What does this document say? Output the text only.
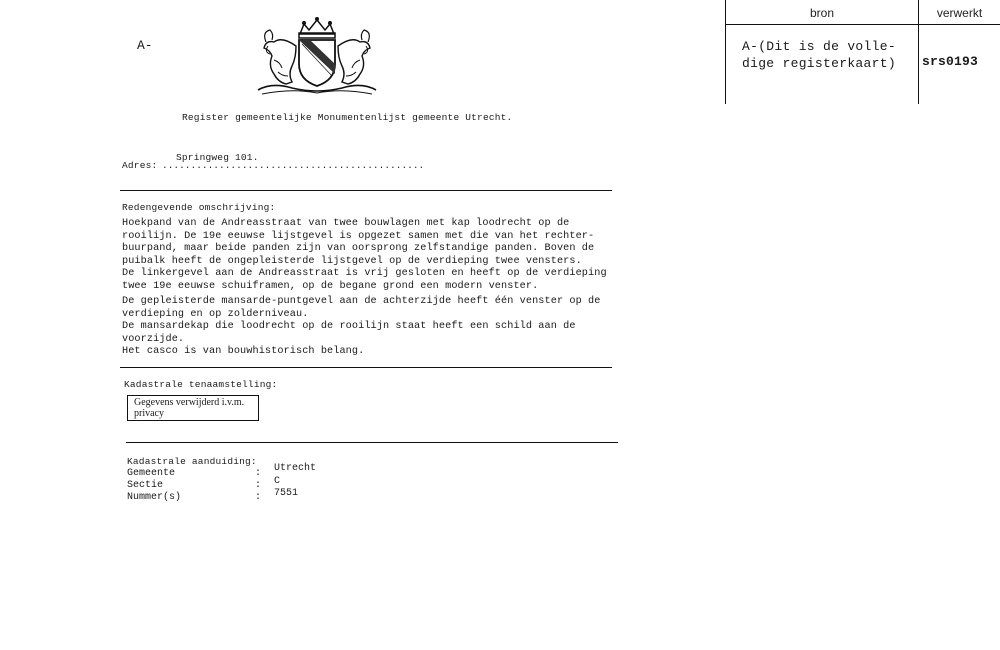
A-
Register gemeentelijke Monumentenlijst gemeente Utrecht.
Adres: ..............................................
Springweg 101.
Redengevende omschrijving:
Hoekpand van de Andreasstraat van twee bouwlagen met kap loodrecht op de
rooilijn. De 19e eeuwse lijstgevel is opgezet samen met die van het rechter-
buurpand, maar beide panden zijn van oorsprong zelfstandige panden. Boven de
puibalk heeft de ongepleisterde lijstgevel op de verdieping twee vensters.
De linkergevel aan de Andreasstraat is vrij gesloten en heeft op de verdieping
twee 19e eeuwse schuiframen, op de begane grond een modern venster.
De gepleisterde mansarde-puntgevel aan de achterzijde heeft één venster op de
verdieping en op zolderniveau.
De mansardekap die loodrecht op de rooilijn staat heeft een schild aan de
voorzijde.
Het casco is van bouwhistorisch belang.
Kadastrale tenaamstelling:
Gegevens verwijderd i.v.m. privacy
Kadastrale aanduiding:
Gemeente	: Utrecht
Sectie	: C
Nummer(s)	: 7551
bron	verwerkt
A-(Dit is de volle-
dige registerkaart) srs0193
